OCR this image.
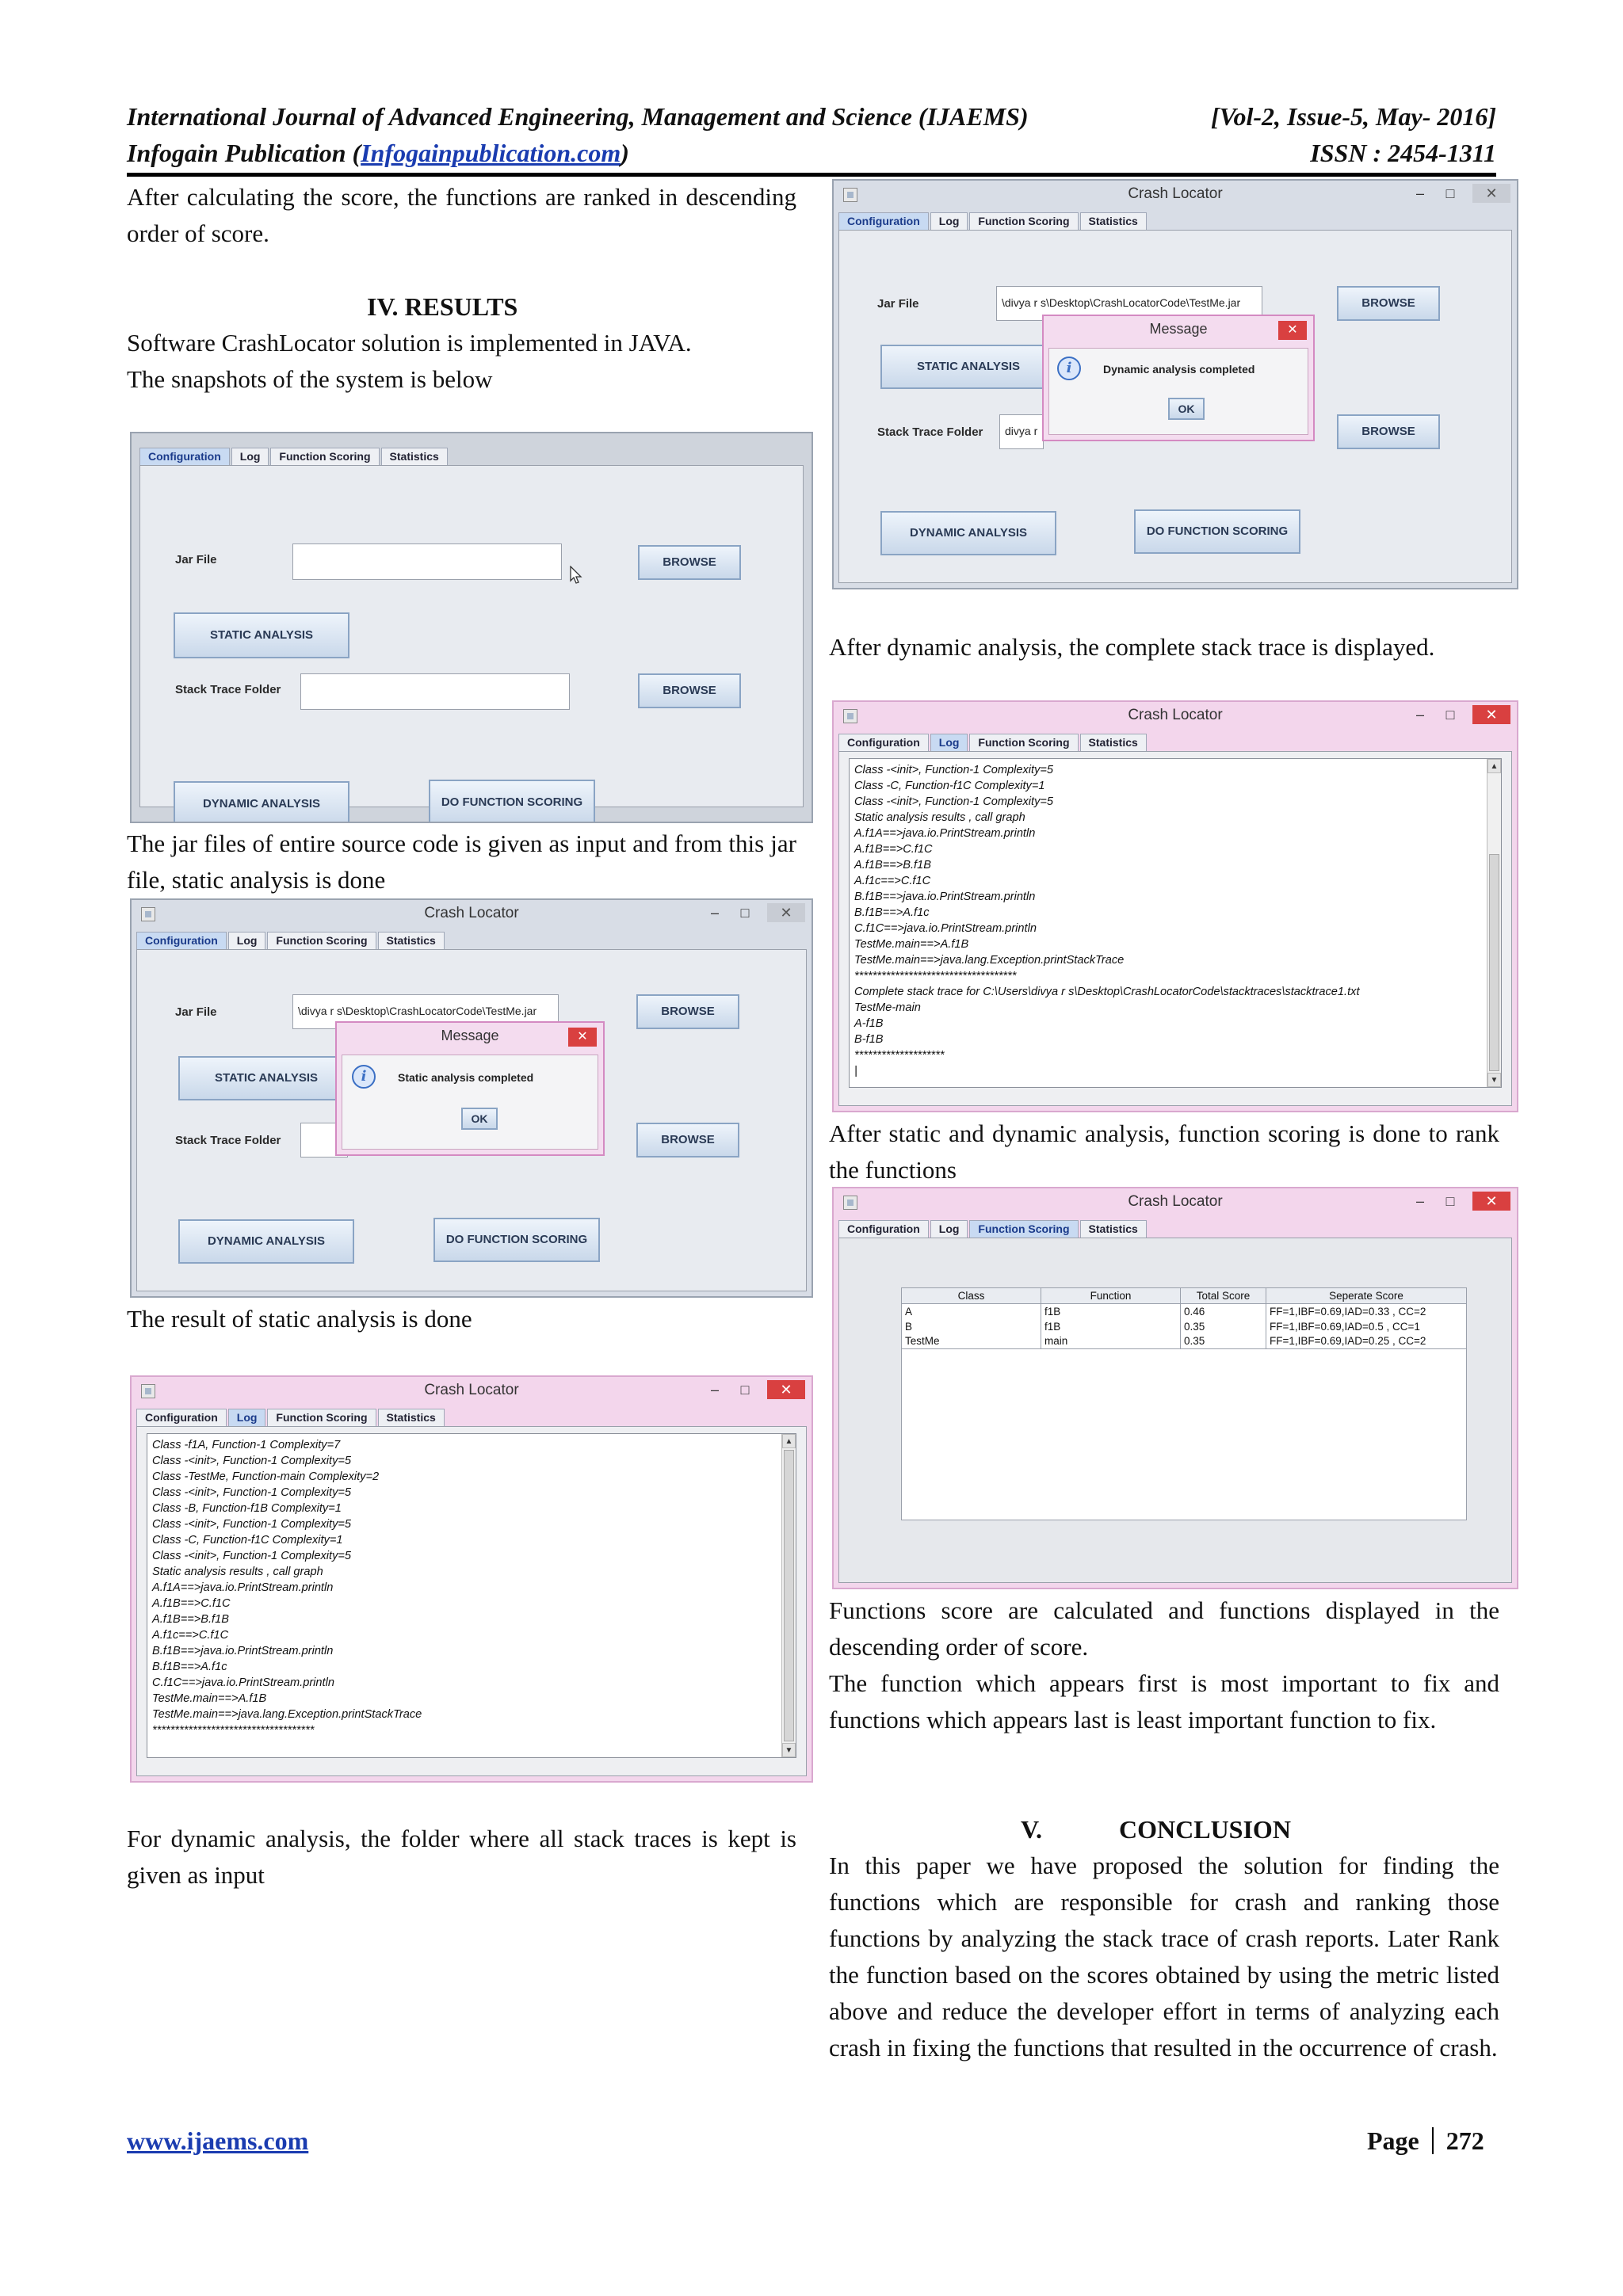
International Journal of Advanced Engineering, Management and Science (IJAEMS)	[Vol-2, Issue-5, May- 2016]
Infogain Publication (Infogainpublication.com)	ISSN : 2454-1311
After calculating the score, the functions are ranked in descending order of score.
IV. RESULTS
Software CrashLocator solution is implemented in JAVA.
The snapshots of the system is below
Configuration	Log	Function Scoring	Statistics
Jar File	BROWSE
STATIC ANALYSIS
Stack Trace Folder	BROWSE
DYNAMIC ANALYSIS	DO FUNCTION SCORING
The jar files of entire source code is given as input and from this jar file, static analysis is done
Crash Locator	–	□	✕
Configuration	Log	Function Scoring	Statistics
Jar File	\divya r s\Desktop\CrashLocatorCode\TestMe.jar	BROWSE
STATIC ANALYSIS
Stack Trace Folder	BROWSE
DYNAMIC ANALYSIS	DO FUNCTION SCORING
Message	✕
i	Static analysis completed
OK
The result of static analysis is done
Crash Locator	–	□	✕
Configuration	Log	Function Scoring	Statistics
Class -f1A, Function-1 Complexity=7
Class -<init>, Function-1 Complexity=5
Class -TestMe, Function-main Complexity=2
Class -<init>, Function-1 Complexity=5
Class -B, Function-f1B Complexity=1
Class -<init>, Function-1 Complexity=5
Class -C, Function-f1C Complexity=1
Class -<init>, Function-1 Complexity=5
Static analysis results , call graph
A.f1A==>java.io.PrintStream.println
A.f1B==>C.f1C
A.f1B==>B.f1B
A.f1c==>C.f1C
B.f1B==>java.io.PrintStream.println
B.f1B==>A.f1c
C.f1C==>java.io.PrintStream.println
TestMe.main==>A.f1B
TestMe.main==>java.lang.Exception.printStackTrace
************************************
▲
▼
For dynamic analysis, the folder where all stack traces is kept is given as input
Crash Locator	–	□	✕
Configuration	Log	Function Scoring	Statistics
Jar File	\divya r s\Desktop\CrashLocatorCode\TestMe.jar	BROWSE
STATIC ANALYSIS
Stack Trace Folder	divya r	BROWSE
DYNAMIC ANALYSIS	DO FUNCTION SCORING
Message	✕
i	Dynamic analysis completed
OK
After dynamic analysis, the complete stack trace is displayed.
Crash Locator	–	□	✕
Configuration	Log	Function Scoring	Statistics
Class -<init>, Function-1 Complexity=5
Class -C, Function-f1C Complexity=1
Class -<init>, Function-1 Complexity=5
Static analysis results , call graph
A.f1A==>java.io.PrintStream.println
A.f1B==>C.f1C
A.f1B==>B.f1B
A.f1c==>C.f1C
B.f1B==>java.io.PrintStream.println
B.f1B==>A.f1c
C.f1C==>java.io.PrintStream.println
TestMe.main==>A.f1B
TestMe.main==>java.lang.Exception.printStackTrace
************************************
Complete stack trace for C:\Users\divya r s\Desktop\CrashLocatorCode\stacktraces\stacktrace1.txt
TestMe-main
A-f1B
B-f1B
********************
|
▲
▼
After static and dynamic analysis, function scoring is done to rank the functions
Crash Locator	–	□	✕
Configuration	Log	Function Scoring	Statistics
Class	Function	Total Score	Seperate Score
A	f1B	0.46	FF=1,IBF=0.69,IAD=0.33 , CC=2
B	f1B	0.35	FF=1,IBF=0.69,IAD=0.5 , CC=1
TestMe	main	0.35	FF=1,IBF=0.69,IAD=0.25 , CC=2
Functions score are calculated and functions displayed in the descending order of score.
The function which appears first is most important to fix and functions which appears last is least important function to fix.
V.	CONCLUSION
In this paper we have proposed the solution for finding the functions which are responsible for crash and ranking those functions by analyzing the stack trace of crash reports. Later Rank the function based on the scores obtained by using the metric listed above and reduce the developer effort in terms of analyzing each crash in fixing the functions that resulted in the occurrence of crash.
www.ijaems.com	Page 272
